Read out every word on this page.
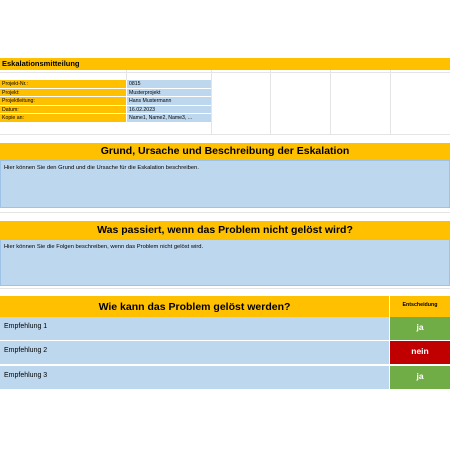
Eskalationsmitteilung
Projekt-Nr.:	0815
Projekt:	Musterprojekt
Projektleitung:	Hans Mustermann
Datum:	16.02.2023
Kopie an:	Name1, Name2, Name3, ...
Grund, Ursache und Beschreibung der Eskalation
Hier können Sie den Grund und die Ursache für die Eskalation beschreiben.
Was passiert, wenn das Problem nicht gelöst wird?
Hier können Sie die Folgen beschreiben, wenn das Problem nicht gelöst wird.
Wie kann das Problem gelöst werden?	Entscheidung
Empfehlung 1	ja
Empfehlung 2	nein
Empfehlung 3	ja
